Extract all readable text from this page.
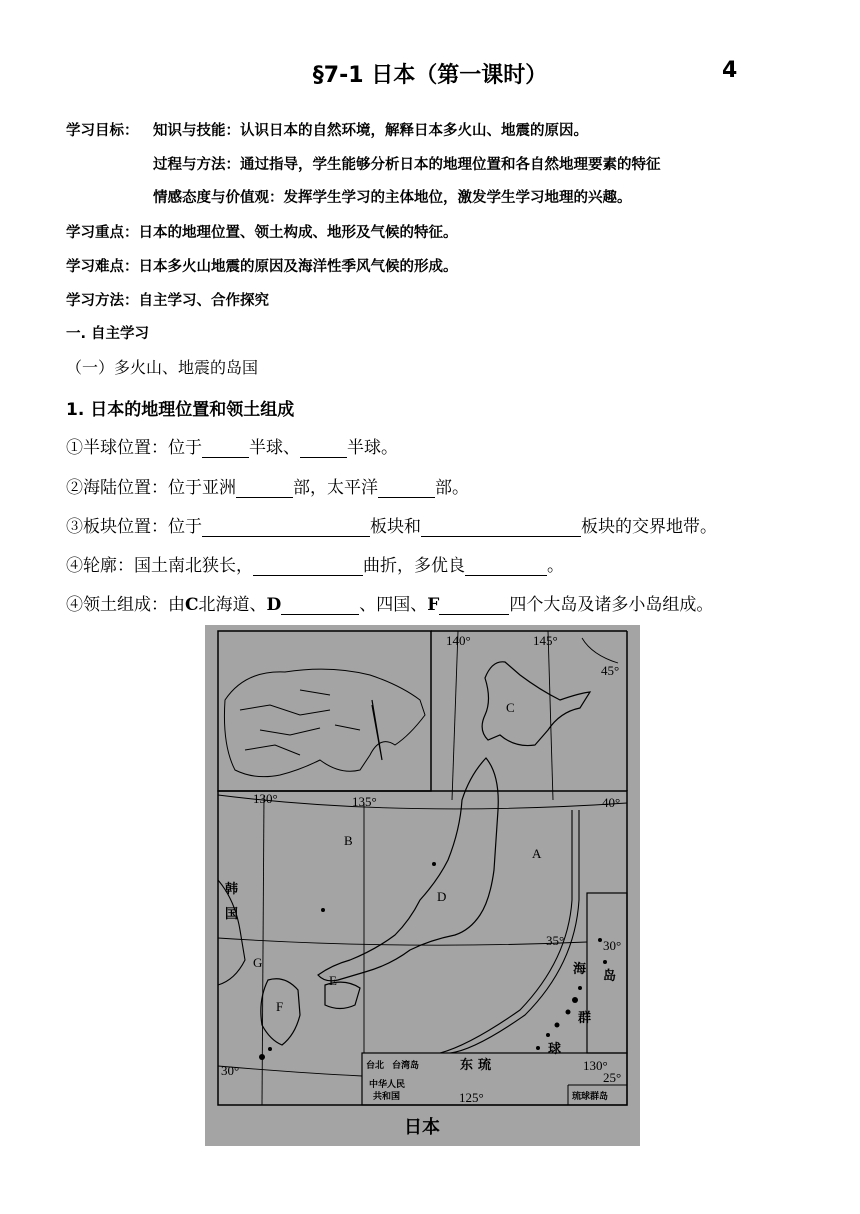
§7-1 日本（第一课时）	4
学习目标： 知识与技能：认识日本的自然环境，解释日本多火山、地震的原因。
过程与方法：通过指导，学生能够分析日本的地理位置和各自然地理要素的特征
情感态度与价值观：发挥学生学习的主体地位，激发学生学习地理的兴趣。
学习重点：日本的地理位置、领土构成、地形及气候的特征。
学习难点：日本多火山地震的原因及海洋性季风气候的形成。
学习方法：自主学习、合作探究
一. 自主学习
（一）多火山、地震的岛国
1. 日本的地理位置和领土组成
①半球位置：位于	半球、	半球。
②海陆位置：位于亚洲	部，太平洋	部。
③板块位置：位于	板块和	板块的交界地带。
④轮廓：国土南北狭长，	曲折，多优良	。
④领土组成：由C北海道、D	、四国、F	四个大岛及诸多小岛组成。
140°	145°
45°
130°	135°	40°
35°
30°
30°
130°
25°
125°
C
B
A
D
E
G
F
韩
国
海 岛
群
球
东 琉
台北 台湾岛
中华人民
共和国	琉球群岛
日本
